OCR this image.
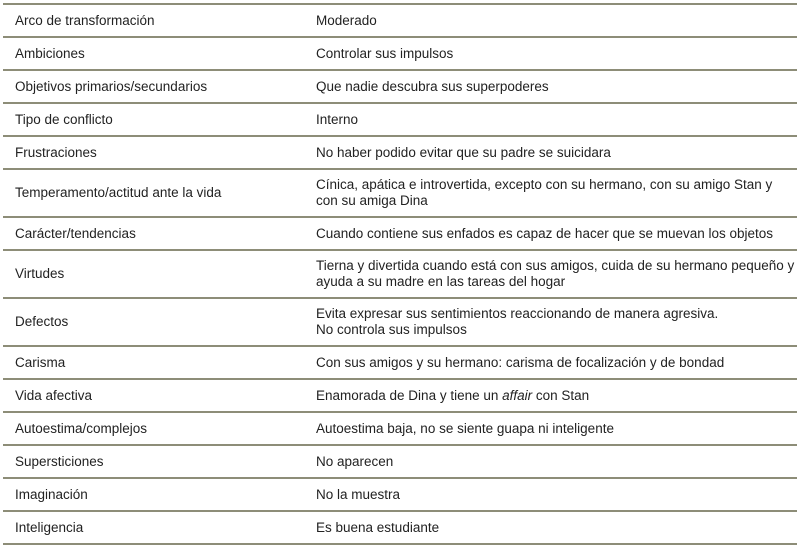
Arco de transformación	Moderado
Ambiciones	Controlar sus impulsos
Objetivos primarios/secundarios	Que nadie descubra sus superpoderes
Tipo de conflicto	Interno
Frustraciones	No haber podido evitar que su padre se suicidara
Temperamento/actitud ante la vida	Cínica, apática e introvertida, excepto con su hermano, con su amigo Stan y con su amiga Dina
Carácter/tendencias	Cuando contiene sus enfados es capaz de hacer que se muevan los objetos
Virtudes	Tierna y divertida cuando está con sus amigos, cuida de su hermano pequeño y ayuda a su madre en las tareas del hogar
Defectos	Evita expresar sus sentimientos reaccionando de manera agresiva.
No controla sus impulsos

Carisma	Con sus amigos y su hermano: carisma de focalización y de bondad
Vida afectiva	Enamorada de Dina y tiene un affair con Stan
Autoestima/complejos	Autoestima baja, no se siente guapa ni inteligente
Supersticiones	No aparecen
Imaginación	No la muestra
Inteligencia	Es buena estudiante
